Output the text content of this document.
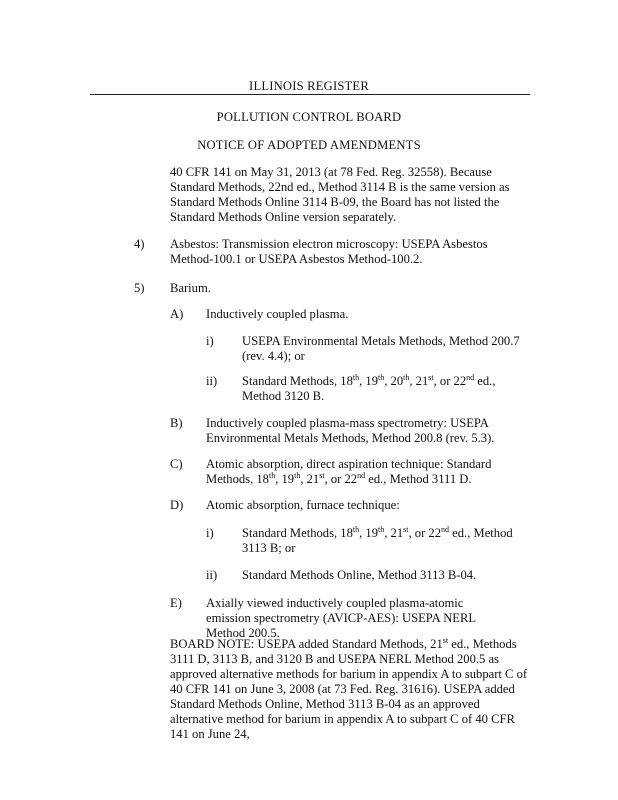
ILLINOIS REGISTER
POLLUTION CONTROL BOARD
NOTICE OF ADOPTED AMENDMENTS
40 CFR 141 on May 31, 2013 (at 78 Fed. Reg. 32558). Because Standard Methods, 22nd ed., Method 3114 B is the same version as Standard Methods Online 3114 B-09, the Board has not listed the Standard Methods Online version separately.
4)	Asbestos: Transmission electron microscopy: USEPA Asbestos Method-100.1 or USEPA Asbestos Method-100.2.
5)	Barium.
A)	Inductively coupled plasma.
i)	USEPA Environmental Metals Methods, Method 200.7 (rev. 4.4); or
ii)	Standard Methods, 18th, 19th, 20th, 21st, or 22nd ed., Method 3120 B.
B)	Inductively coupled plasma-mass spectrometry: USEPA Environmental Metals Methods, Method 200.8 (rev. 5.3).
C)	Atomic absorption, direct aspiration technique: Standard Methods, 18th, 19th, 21st, or 22nd ed., Method 3111 D.
D)	Atomic absorption, furnace technique:
i)	Standard Methods, 18th, 19th, 21st, or 22nd ed., Method 3113 B; or
ii)	Standard Methods Online, Method 3113 B-04.
E)	Axially viewed inductively coupled plasma-atomic emission spectrometry (AVICP-AES): USEPA NERL Method 200.5.
BOARD NOTE: USEPA added Standard Methods, 21st ed., Methods 3111 D, 3113 B, and 3120 B and USEPA NERL Method 200.5 as approved alternative methods for barium in appendix A to subpart C of 40 CFR 141 on June 3, 2008 (at 73 Fed. Reg. 31616). USEPA added Standard Methods Online, Method 3113 B-04 as an approved alternative method for barium in appendix A to subpart C of 40 CFR 141 on June 24,
